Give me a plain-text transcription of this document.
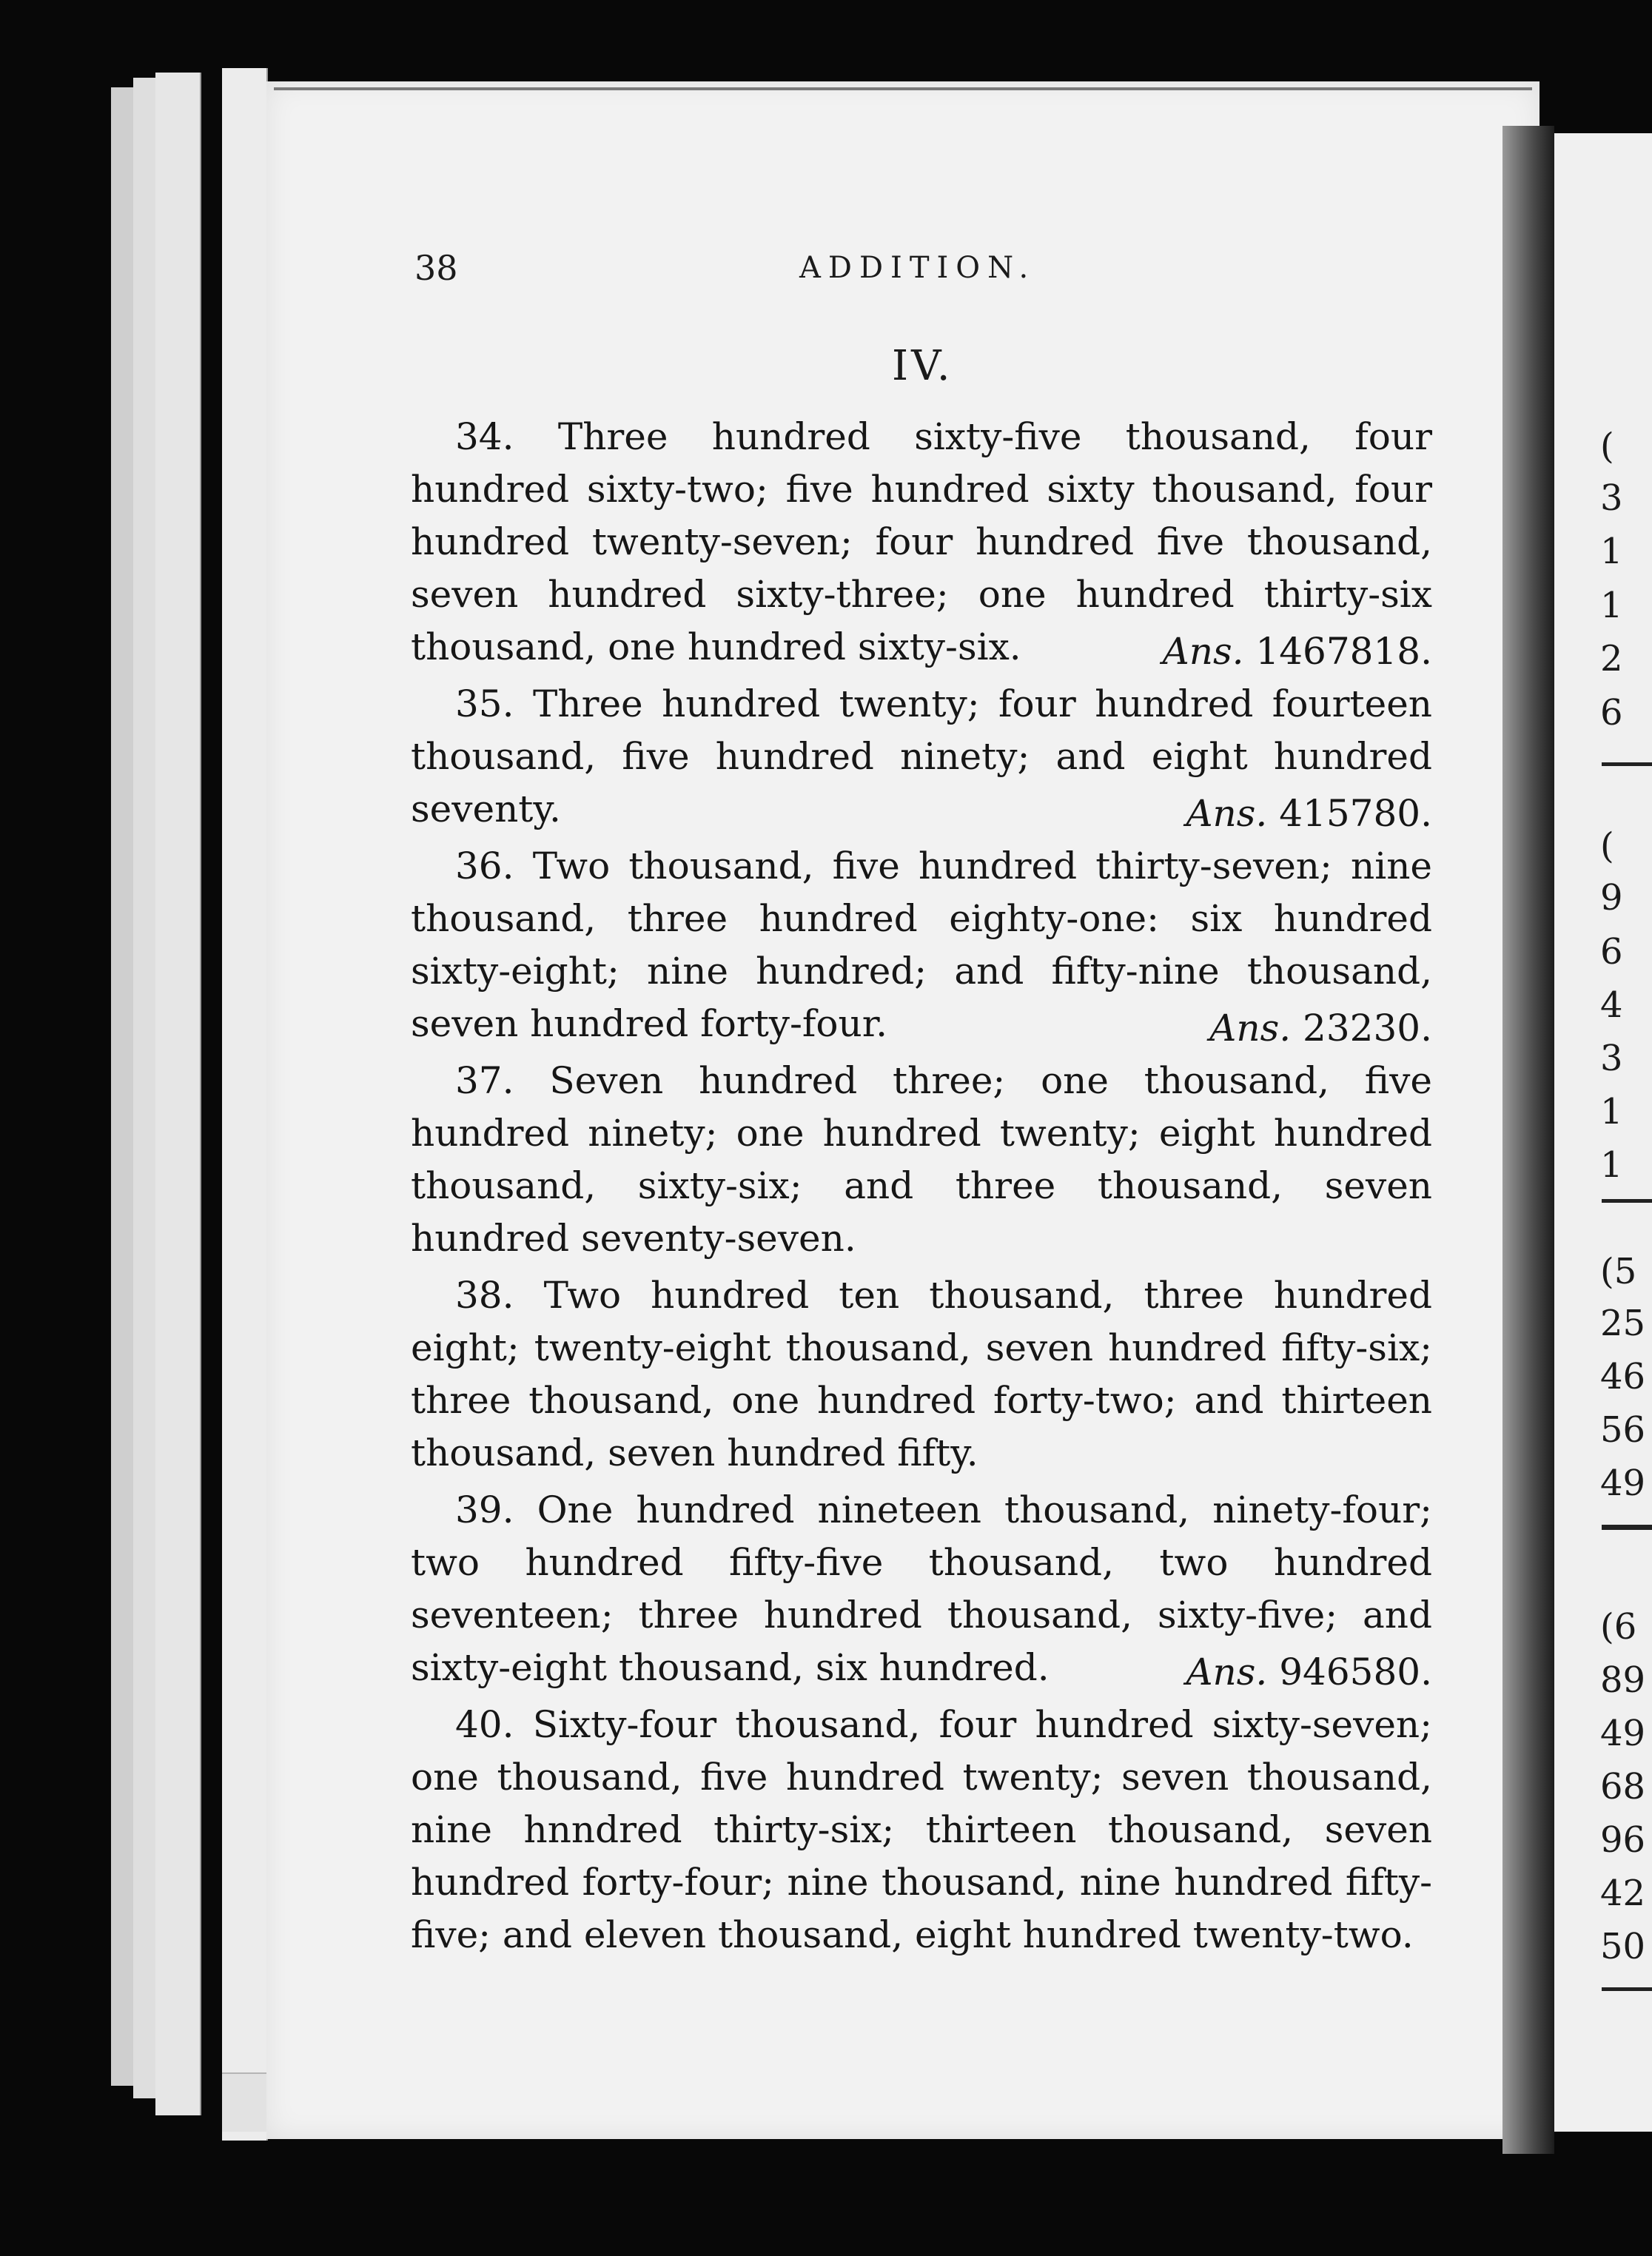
(
3
1
1
2
6
(
9
6
4
3
1
1
(5
25
46
56
49
(6
89
49
68
96
42
50
38	ADDITION.
IV.

34. Three hundred sixty-five thousand, four hundred sixty-two; five hundred sixty thousand, four hundred twenty-seven; four hundred five thousand, seven hundred sixty-three; one hundred thirty-six thousand, one hundred sixty-six.	Ans. 1467818.

35. Three hundred twenty; four hundred fourteen thousand, five hundred ninety; and eight hundred seventy.	Ans. 415780.

36. Two thousand, five hundred thirty-seven; nine thousand, three hundred eighty-one: six hundred sixty-eight; nine hundred; and fifty-nine thousand, seven hundred forty-four.	Ans. 23230.

37. Seven hundred three; one thousand, five hundred ninety; one hundred twenty; eight hundred thousand, sixty-six; and three thousand, seven hundred seventy-seven.

38. Two hundred ten thousand, three hundred eight; twenty-eight thousand, seven hundred fifty-six; three thousand, one hundred forty-two; and thirteen thousand, seven hundred fifty.

39. One hundred nineteen thousand, ninety-four; two hundred fifty-five thousand, two hundred seventeen; three hundred thousand, sixty-five; and sixty-eight thousand, six hundred.	Ans. 946580.

40. Sixty-four thousand, four hundred sixty-seven; one thousand, five hundred twenty; seven thousand, nine hnndred thirty-six; thirteen thousand, seven hundred forty-four; nine thousand, nine hundred fifty-five; and eleven thousand, eight hundred twenty-two.
